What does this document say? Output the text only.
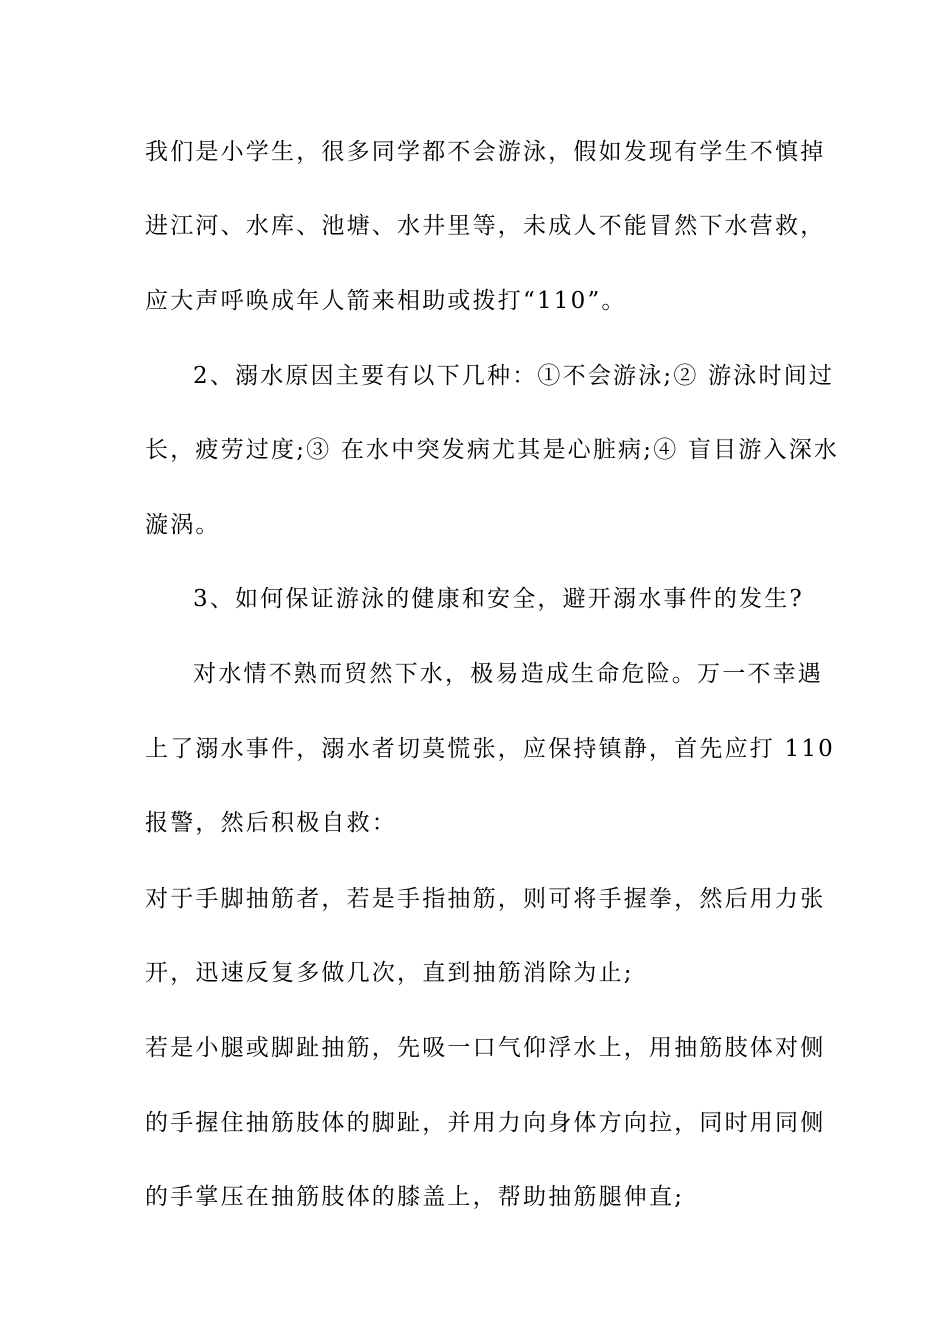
我们是小学生，很多同学都不会游泳，假如发现有学生不慎掉
进江河、水库、池塘、水井里等，未成人不能冒然下水营救，
应大声呼唤成年人箭来相助或拨打“110”。
2、溺水原因主要有以下几种：①不会游泳;② 游泳时间过
长，疲劳过度;③ 在水中突发病尤其是心脏病;④ 盲目游入深水
漩涡。
3、如何保证游泳的健康和安全，避开溺水事件的发生?
对水情不熟而贸然下水，极易造成生命危险。万一不幸遇
上了溺水事件，溺水者切莫慌张，应保持镇静，首先应打 110
报警，然后积极自救：
对于手脚抽筋者，若是手指抽筋，则可将手握拳，然后用力张
开，迅速反复多做几次，直到抽筋消除为止;
若是小腿或脚趾抽筋，先吸一口气仰浮水上，用抽筋肢体对侧
的手握住抽筋肢体的脚趾，并用力向身体方向拉，同时用同侧
的手掌压在抽筋肢体的膝盖上，帮助抽筋腿伸直;
